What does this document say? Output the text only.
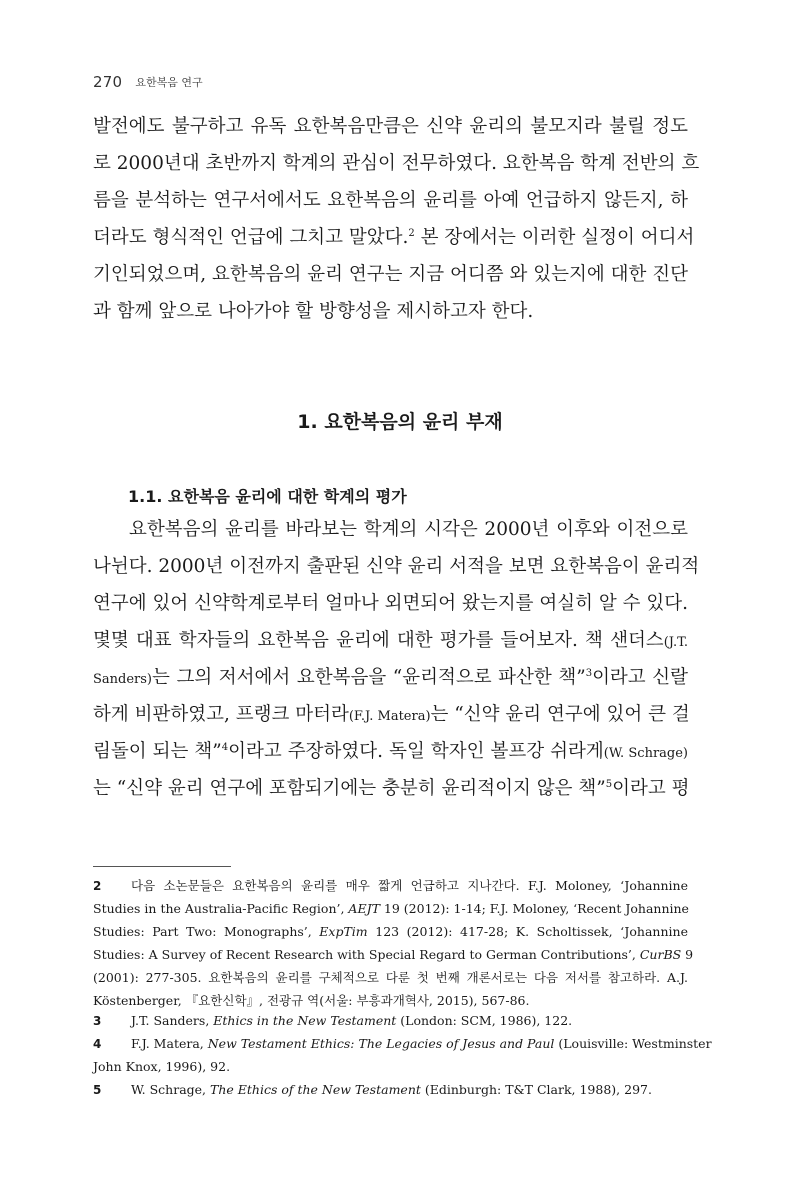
270 요한복음 연구
발전에도 불구하고 유독 요한복음만큼은 신약 윤리의 불모지라 불릴 정도
로 2000년대 초반까지 학계의 관심이 전무하였다. 요한복음 학계 전반의 흐
름을 분석하는 연구서에서도 요한복음의 윤리를 아예 언급하지 않든지, 하
더라도 형식적인 언급에 그치고 말았다.$^2$ 본 장에서는 이러한 실정이 어디서
기인되었으며, 요한복음의 윤리 연구는 지금 어디쯤 와 있는지에 대한 진단
과 함께 앞으로 나아가야 할 방향성을 제시하고자 한다.
1. 요한복음의 윤리 부재
1.1. 요한복음 윤리에 대한 학계의 평가
요한복음의 윤리를 바라보는 학계의 시각은 2000년 이후와 이전으로
나뉜다. 2000년 이전까지 출판된 신약 윤리 서적을 보면 요한복음이 윤리적
연구에 있어 신약학계로부터 얼마나 외면되어 왔는지를 여실히 알 수 있다.
몇몇 대표 학자들의 요한복음 윤리에 대한 평가를 들어보자. 책 샌더스(J.T.
Sanders)는 그의 저서에서 요한복음을 “윤리적으로 파산한 책”$^3$이라고 신랄
하게 비판하였고, 프랭크 마터라(F.J. Matera)는 “신약 윤리 연구에 있어 큰 걸
림돌이 되는 책”$^4$이라고 주장하였다. 독일 학자인 볼프강 쉬라게(W. Schrage)
는 “신약 윤리 연구에 포함되기에는 충분히 윤리적이지 않은 책”$^5$이라고 평
2 다음 소논문들은 요한복음의 윤리를 매우 짧게 언급하고 지나간다. F.J. Moloney, ‘Johannine
Studies in the Australia-Pacific Region’, AEJT 19 (2012): 1-14; F.J. Moloney, ‘Recent Johannine
Studies: Part Two: Monographs’, ExpTim 123 (2012): 417-28; K. Scholtissek, ‘Johannine
Studies: A Survey of Recent Research with Special Regard to German Contributions’, CurBS 9
(2001): 277-305. 요한복음의 윤리를 구체적으로 다룬 첫 번째 개론서로는 다음 저서를 참고하라. A.J.
Köstenberger, 『요한신학』, 전광규 역(서울: 부흥과개혁사, 2015), 567-86.
3 J.T. Sanders, Ethics in the New Testament (London: SCM, 1986), 122.
4 F.J. Matera, New Testament Ethics: The Legacies of Jesus and Paul (Louisville: Westminster
John Knox, 1996), 92.
5 W. Schrage, The Ethics of the New Testament (Edinburgh: T&T Clark, 1988), 297.
